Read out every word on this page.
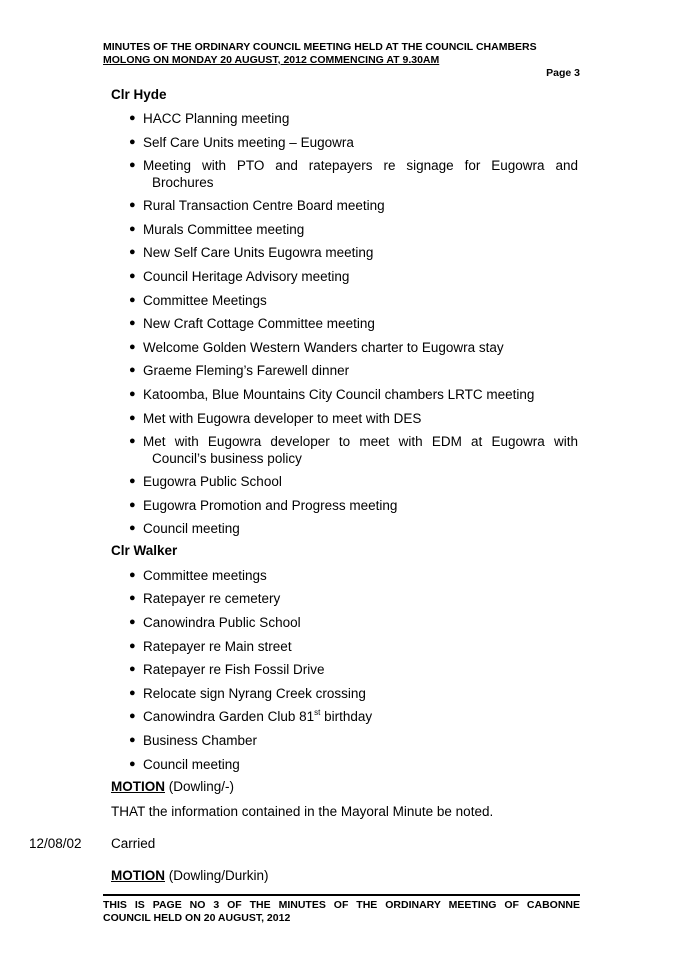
MINUTES OF THE ORDINARY COUNCIL MEETING HELD AT THE COUNCIL CHAMBERS
MOLONG ON MONDAY 20 AUGUST, 2012 COMMENCING AT 9.30AM
Page 3
Clr Hyde
● HACC Planning meeting
● Self Care Units meeting – Eugowra
● Meeting with PTO and ratepayers re signage for Eugowra and
Brochures
● Rural Transaction Centre Board meeting
● Murals Committee meeting
● New Self Care Units Eugowra meeting
● Council Heritage Advisory meeting
● Committee Meetings
● New Craft Cottage Committee meeting
● Welcome Golden Western Wanders charter to Eugowra stay
● Graeme Fleming’s Farewell dinner
● Katoomba, Blue Mountains City Council chambers LRTC meeting
● Met with Eugowra developer to meet with DES
● Met with Eugowra developer to meet with EDM at Eugowra with
Council’s business policy
● Eugowra Public School
● Eugowra Promotion and Progress meeting
● Council meeting
Clr Walker
● Committee meetings
● Ratepayer re cemetery
● Canowindra Public School
● Ratepayer re Main street
● Ratepayer re Fish Fossil Drive
● Relocate sign Nyrang Creek crossing
● Canowindra Garden Club 81st birthday
● Business Chamber
● Council meeting
MOTION (Dowling/-)
THAT the information contained in the Mayoral Minute be noted.
12/08/02 Carried
MOTION (Dowling/Durkin)
THIS IS PAGE NO 3 OF THE MINUTES OF THE ORDINARY MEETING OF CABONNE
COUNCIL HELD ON 20 AUGUST, 2012
